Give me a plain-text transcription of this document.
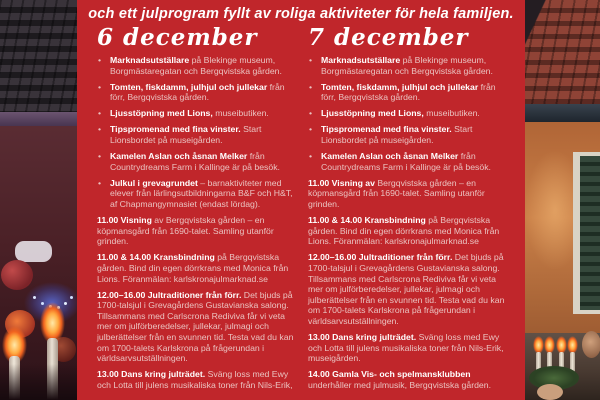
och ett julprogram fyllt av roliga aktiviteter för hela familjen.
6 december
•	Marknadsutställare på Blekinge museum, Borgmästaregatan och Bergqvistska gården.
•	Tomten, fiskdamm, julhjul och jullekar från förr, Bergqvistska gården.
•	Ljusstöpning med Lions, museibutiken.
•	Tipspromenad med fina vinster. Start Lionsbordet på museigården.
•	Kamelen Aslan och åsnan Melker från Countrydreams Farm i Kallinge är på besök.
•	Julkul i grevagrundet – barnaktiviteter med elever från lärlingsutbildningarna B&F och H&T, af Chapmangymnasiet (endast lördag).
11.00 Visning av Bergqvistska gården – en köpmansgård från 1690-talet. Samling utanför grinden.
11.00 & 14.00 Kransbindning på Bergqvistska gården. Bind din egen dörrkrans med Monica från Lions. Föranmälan: karlskronajulmarknad.se
12.00–16.00 Jultraditioner från förr. Det bjuds på 1700-talsjul i Grevagårdens Gustavianska salong. Tillsammans med Carlscrona Rediviva får vi veta mer om julförberedelser, jullekar, julmagi och julberättelser från en svunnen tid. Testa vad du kan om 1700-talets Karlskrona på frågerundan i världsarvsutställningen.
13.00 Dans kring julträdet. Sväng loss med Ewy och Lotta till julens musikaliska toner från Nils-Erik,
7 december
•	Marknadsutställare på Blekinge museum, Borgmästaregatan och Bergqvistska gården.
•	Tomten, fiskdamm, julhjul och jullekar från förr, Bergqvistska gården.
•	Ljusstöpning med Lions, museibutiken.
•	Tipspromenad med fina vinster. Start Lionsbordet på museigården.
•	Kamelen Aslan och åsnan Melker från Countrydreams Farm i Kallinge är på besök.
11.00 Visning av Bergqvistska gården – en köpmansgård från 1690-talet. Samling utanför grinden.
11.00 & 14.00 Kransbindning på Bergqvistska gården. Bind din egen dörrkrans med Monica från Lions. Föranmälan: karlskronajulmarknad.se
12.00–16.00 Jultraditioner från förr. Det bjuds på 1700-talsjul i Grevagårdens Gustavianska salong. Tillsammans med Carlscrona Rediviva får vi veta mer om julförberedelser, jullekar, julmagi och julberättelser från en svunnen tid. Testa vad du kan om 1700-talets Karlskrona på frågerundan i världsarvsutställningen.
13.00 Dans kring julträdet. Sväng loss med Ewy och Lotta till julens musikaliska toner från Nils-Erik, museigården.
14.00 Gamla Vis- och spelmansklubben underhåller med julmusik, Bergqvistska gården.
